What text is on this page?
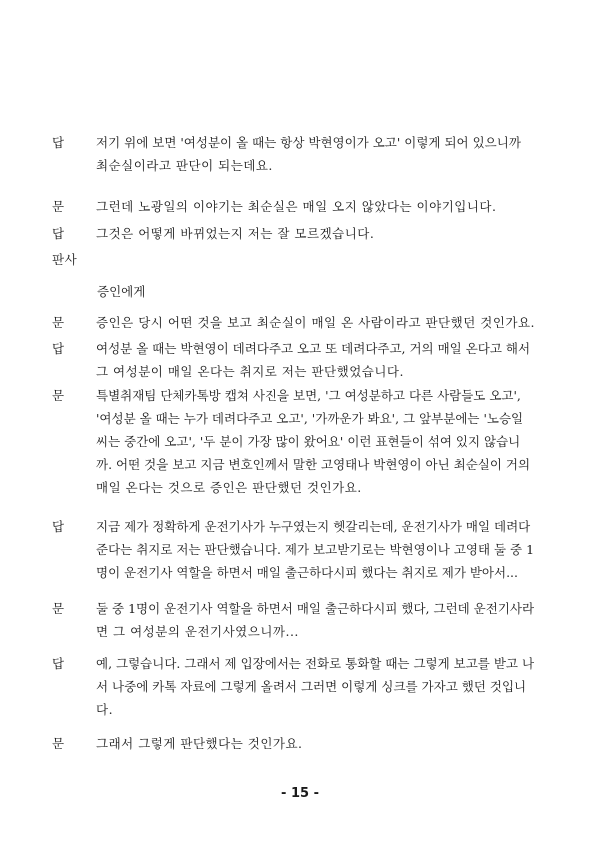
답	저기 위에 보면 '여성분이 올 때는 항상 박현영이가 오고' 이렇게 되어 있으니까
최순실이라고 판단이 되는데요.
문	그런데 노광일의 이야기는 최순실은 매일 오지 않았다는 이야기입니다.
답	그것은 어떻게 바뀌었는지 저는 잘 모르겠습니다.
판사
증인에게
문	증인은 당시 어떤 것을 보고 최순실이 매일 온 사람이라고 판단했던 것인가요.
답	여성분 올 때는 박현영이 데려다주고 오고 또 데려다주고, 거의 매일 온다고 해서
그 여성분이 매일 온다는 취지로 저는 판단했었습니다.
문	특별취재팀 단체카톡방 캡쳐 사진을 보면, '그 여성분하고 다른 사람들도 오고',
'여성분 올 때는 누가 데려다주고 오고', '가까운가 봐요', 그 앞부분에는 '노승일
씨는 중간에 오고', '두 분이 가장 많이 왔어요' 이런 표현들이 섞여 있지 않습니
까. 어떤 것을 보고 지금 변호인께서 말한 고영태나 박현영이 아닌 최순실이 거의
매일 온다는 것으로 증인은 판단했던 것인가요.
답	지금 제가 정확하게 운전기사가 누구였는지 헷갈리는데, 운전기사가 매일 데려다
준다는 취지로 저는 판단했습니다. 제가 보고받기로는 박현영이나 고영태 둘 중 1
명이 운전기사 역할을 하면서 매일 출근하다시피 했다는 취지로 제가 받아서...
문	둘 중 1명이 운전기사 역할을 하면서 매일 출근하다시피 했다, 그런데 운전기사라
면 그 여성분의 운전기사였으니까...
답	예, 그렇습니다. 그래서 제 입장에서는 전화로 통화할 때는 그렇게 보고를 받고 나
서 나중에 카톡 자료에 그렇게 올려서 그러면 이렇게 싱크를 가자고 했던 것입니
다.
문	그래서 그렇게 판단했다는 것인가요.
- 15 -
